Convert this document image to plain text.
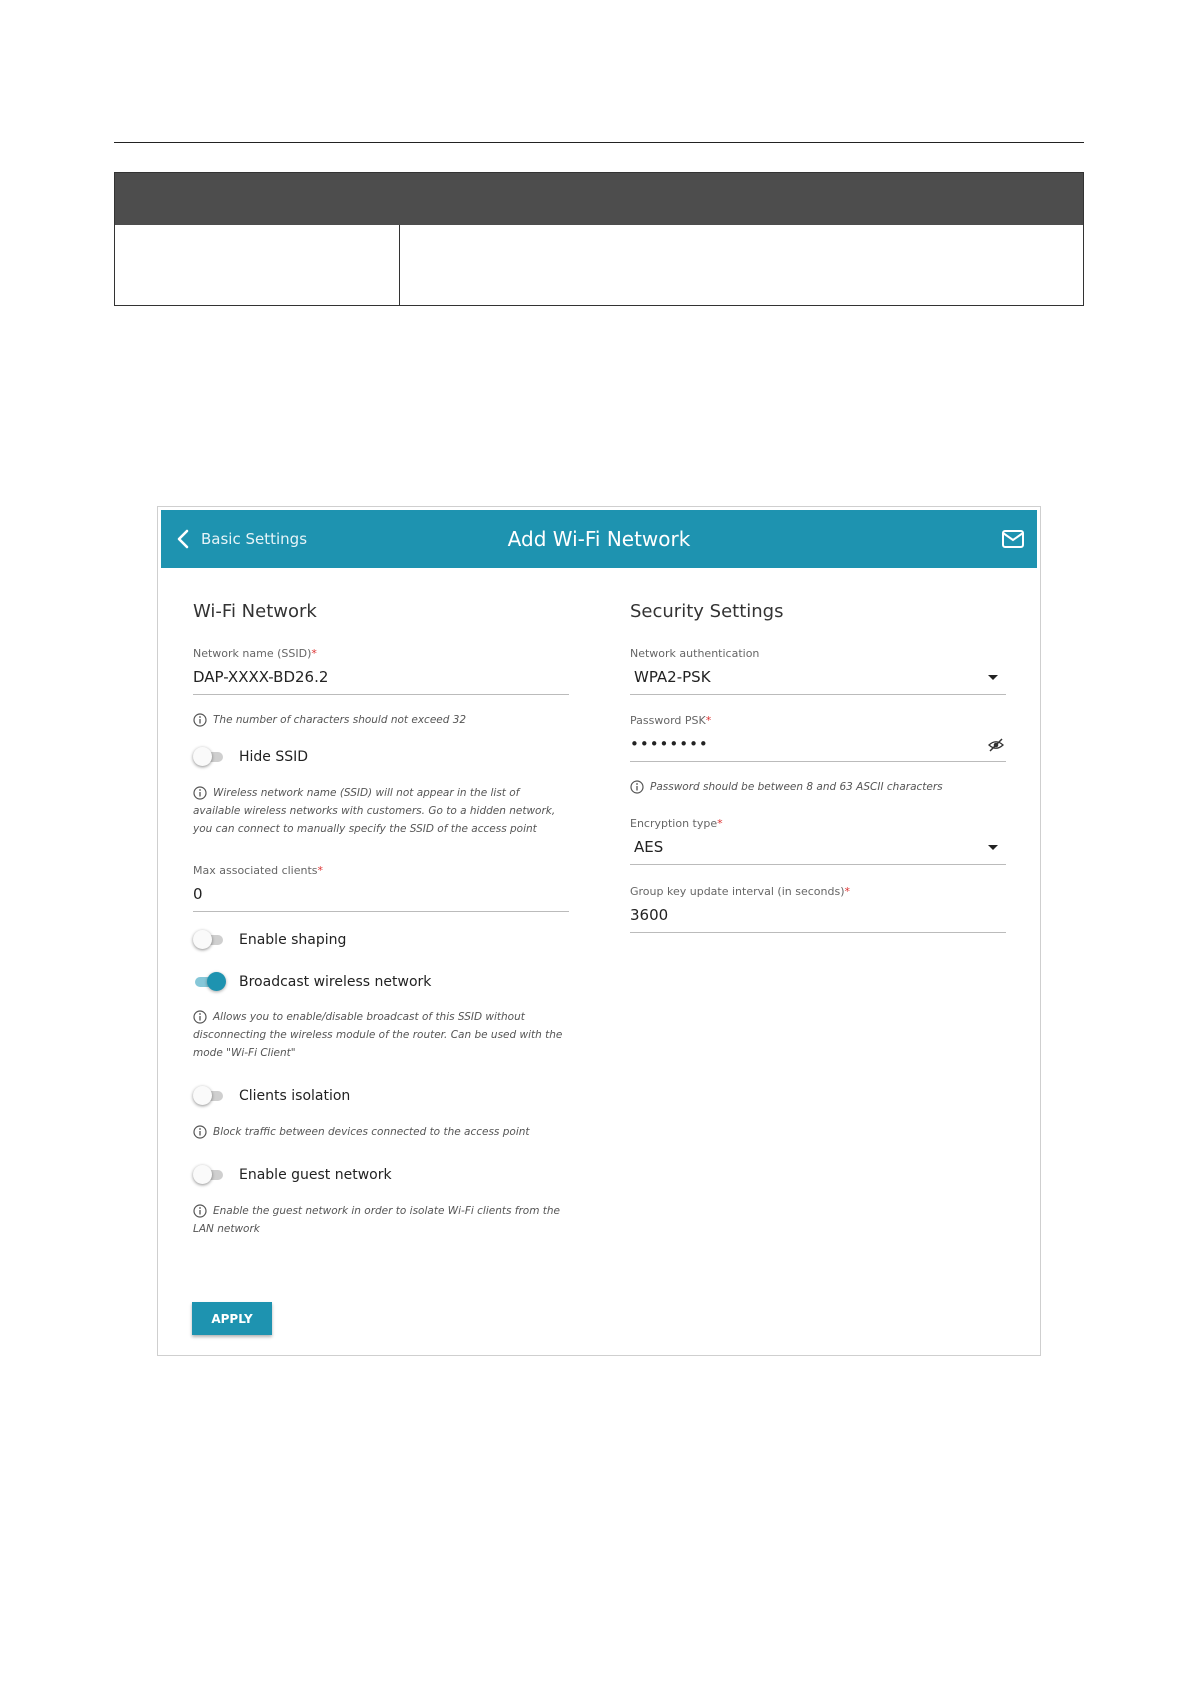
Basic Settings	Add Wi-Fi Network
Wi-Fi Network
Network name (SSID)*
DAP-XXXX-BD26.2
The number of characters should not exceed 32
Hide SSID
Wireless network name (SSID) will not appear in the list of available wireless networks with customers. Go to a hidden network, you can connect to manually specify the SSID of the access point
Max associated clients*
0
Enable shaping
Broadcast wireless network
Allows you to enable/disable broadcast of this SSID without disconnecting the wireless module of the router. Can be used with the mode "Wi-Fi Client"
Clients isolation
Block traffic between devices connected to the access point
Enable guest network
Enable the guest network in order to isolate Wi-Fi clients from the LAN network
Security Settings
Network authentication
WPA2-PSK
Password PSK*
••••••••
Password should be between 8 and 63 ASCII characters
Encryption type*
AES
Group key update interval (in seconds)*
3600
APPLY
